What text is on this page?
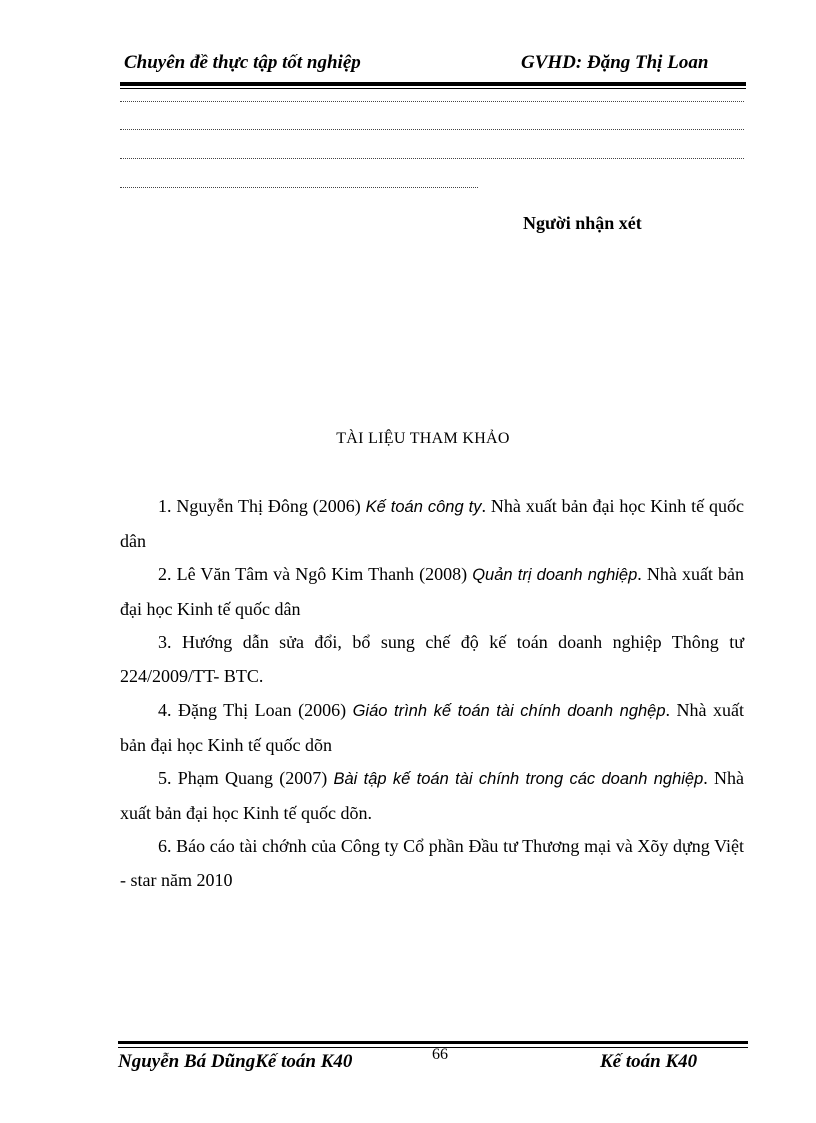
Chuyên đề thực tập tốt nghiệp	GVHD: Đặng Thị Loan
Người nhận xét
TÀI LIỆU THAM KHẢO

1. Nguyễn Thị Đông (2006) Kế toán công ty. Nhà xuất bản đại học Kinh tế quốc dân

2. Lê Văn Tâm và Ngô Kim Thanh (2008) Quản trị doanh nghiệp. Nhà xuất bản đại học Kinh tế quốc dân

3. Hướng dẫn sửa đổi, bổ sung chế độ kế toán doanh nghiệp Thông tư 224/2009/TT- BTC.

4. Đặng Thị Loan (2006) Giáo trình kế toán tài chính doanh nghệp. Nhà xuất bản đại học Kinh tế quốc dõn

5. Phạm Quang (2007) Bài tập kế toán tài chính trong các doanh nghiệp. Nhà xuất bản đại học Kinh tế quốc dõn.

6. Báo cáo tài chớnh của Công ty Cổ phần Đầu tư Thương mại và Xõy dựng Việt - star năm 2010

Nguyễn Bá DũngKế toán K40	66	Kế toán K40
